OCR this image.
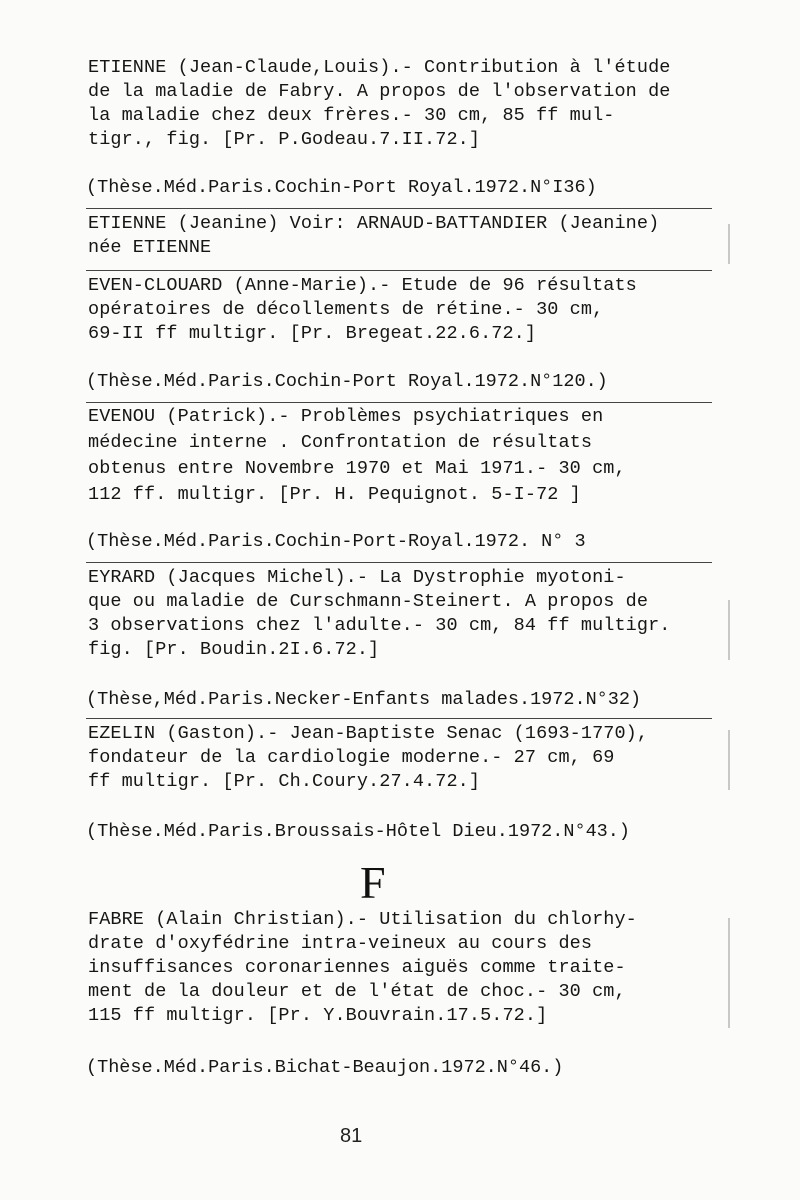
ETIENNE (Jean-Claude,Louis).- Contribution à l'étude
de la maladie de Fabry. A propos de l'observation de
la maladie chez deux frères.- 30 cm, 85 ff mul-
tigr., fig. [Pr. P.Godeau.7.II.72.]
(Thèse.Méd.Paris.Cochin-Port Royal.1972.N°I36)
ETIENNE (Jeanine) Voir: ARNAUD-BATTANDIER (Jeanine)
née ETIENNE
EVEN-CLOUARD (Anne-Marie).- Etude de 96 résultats
opératoires de décollements de rétine.- 30 cm,
69-II ff multigr. [Pr. Bregeat.22.6.72.]
(Thèse.Méd.Paris.Cochin-Port Royal.1972.N°120.)
EVENOU (Patrick).- Problèmes psychiatriques en
médecine interne . Confrontation de résultats
obtenus entre Novembre 1970 et Mai 1971.- 30 cm,
112 ff. multigr. [Pr. H. Pequignot. 5-I-72 ]
(Thèse.Méd.Paris.Cochin-Port-Royal.1972. N° 3
EYRARD (Jacques Michel).- La Dystrophie myotoni-
que ou maladie de Curschmann-Steinert. A propos de
3 observations chez l'adulte.- 30 cm, 84 ff multigr.
fig. [Pr. Boudin.2I.6.72.]
(Thèse,Méd.Paris.Necker-Enfants malades.1972.N°32)
EZELIN (Gaston).- Jean-Baptiste Senac (1693-1770),
fondateur de la cardiologie moderne.- 27 cm, 69
ff multigr. [Pr. Ch.Coury.27.4.72.]
(Thèse.Méd.Paris.Broussais-Hôtel Dieu.1972.N°43.)
F
FABRE (Alain Christian).- Utilisation du chlorhy-
drate d'oxyfédrine intra-veineux au cours des
insuffisances coronariennes aiguës comme traite-
ment de la douleur et de l'état de choc.- 30 cm,
115 ff multigr. [Pr. Y.Bouvrain.17.5.72.]
(Thèse.Méd.Paris.Bichat-Beaujon.1972.N°46.)
81
